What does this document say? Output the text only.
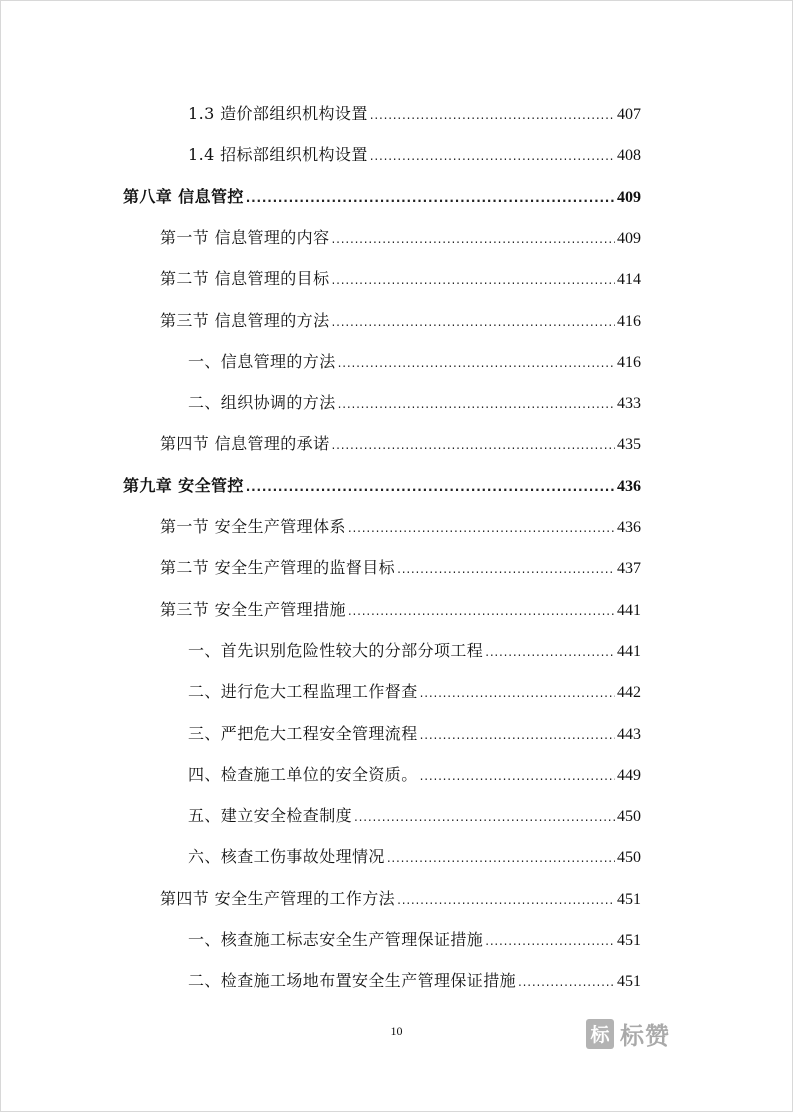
1.3 造价部组织机构设置 .....	407
1.4 招标部组织机构设置 .....	408
第八章 信息管控 .....	409
第一节 信息管理的内容 .....	409
第二节 信息管理的目标 .....	414
第三节 信息管理的方法 .....	416
一、信息管理的方法 .....	416
二、组织协调的方法 .....	433
第四节 信息管理的承诺 .....	435
第九章 安全管控 .....	436
第一节 安全生产管理体系 .....	436
第二节 安全生产管理的监督目标 .....	437
第三节 安全生产管理措施 .....	441
一、首先识别危险性较大的分部分项工程 .....	441
二、进行危大工程监理工作督查 .....	442
三、严把危大工程安全管理流程 .....	443
四、检查施工单位的安全资质。 .....	449
五、建立安全检查制度 .....	450
六、核查工伤事故处理情况 .....	450
第四节 安全生产管理的工作方法 .....	451
一、核查施工标志安全生产管理保证措施 .....	451
二、检查施工场地布置安全生产管理保证措施 .....	451
10	标 标赞
